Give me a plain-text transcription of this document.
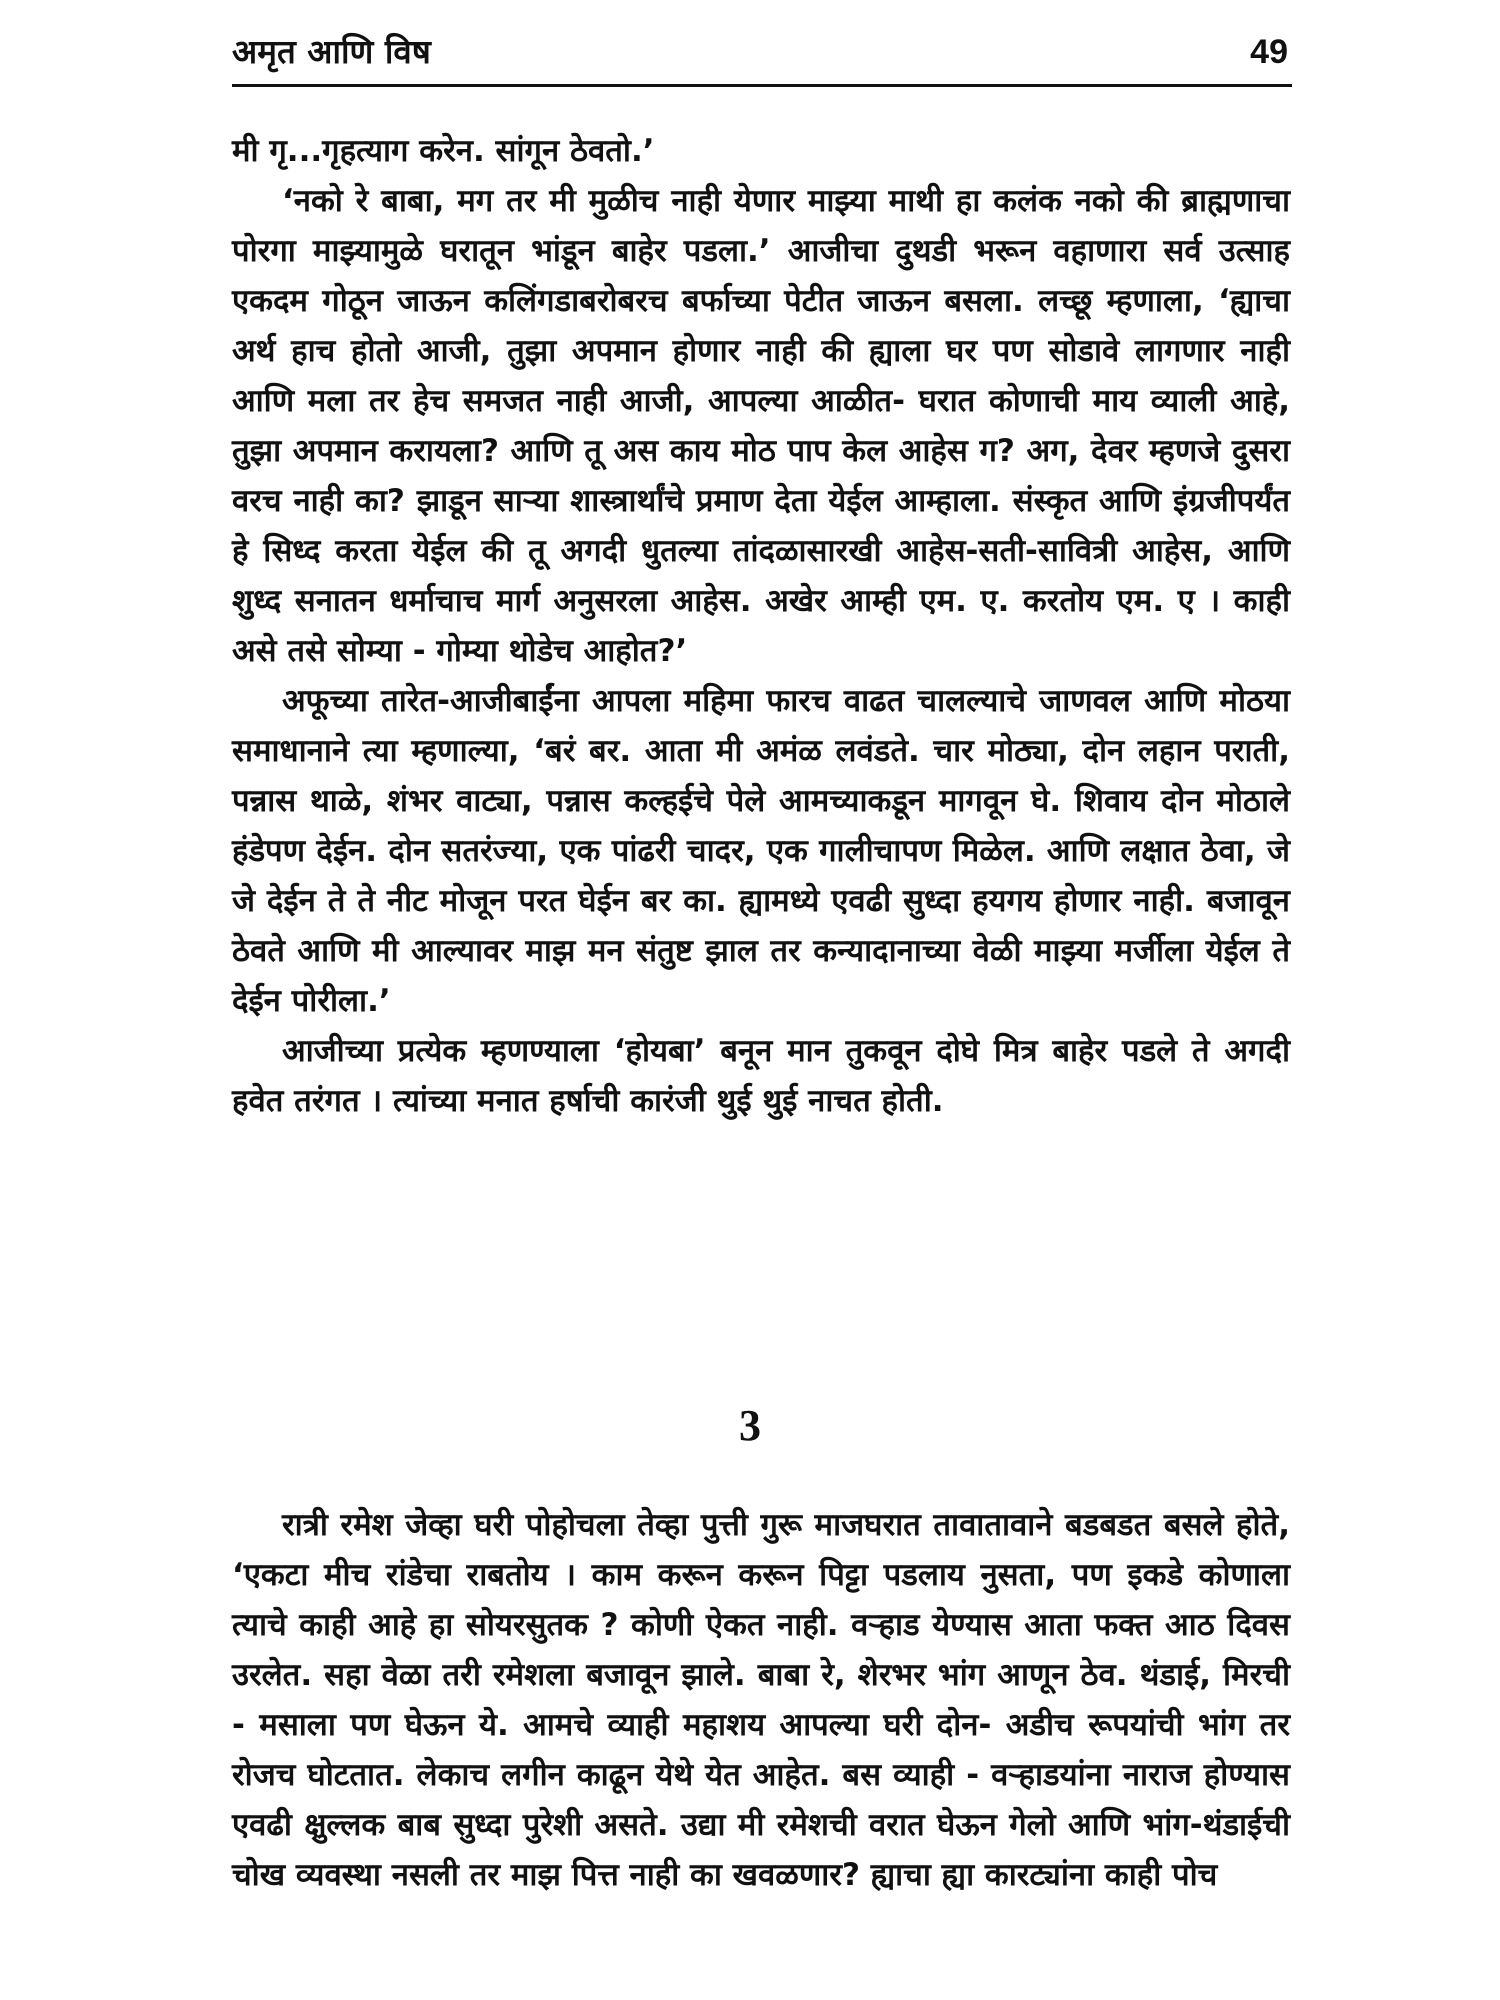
अमृत आणि विष	49

मी गृ...गृहत्याग करेन. सांगून ठेवतो.’

‘नको रे बाबा, मग तर मी मुळीच नाही येणार माझ्या माथी हा कलंक नको की ब्राह्मणाचा पोरगा माझ्यामुळे घरातून भांडून बाहेर पडला.’ आजीचा दुथडी भरून वहाणारा सर्व उत्साह एकदम गोठून जाऊन कलिंगडाबरोबरच बर्फाच्या पेटीत जाऊन बसला. लच्छू म्हणाला, ‘ह्याचा अर्थ हाच होतो आजी, तुझा अपमान होणार नाही की ह्याला घर पण सोडावे लागणार नाही आणि मला तर हेच समजत नाही आजी, आपल्या आळीत- घरात कोणाची माय व्याली आहे, तुझा अपमान करायला? आणि तू अस काय मोठ पाप केल आहेस ग? अग, देवर म्हणजे दुसरा वरच नाही का? झाडून साऱ्या शास्त्रार्थांचे प्रमाण देता येईल आम्हाला. संस्कृत आणि इंग्रजीपर्यंत हे सिध्द करता येईल की तू अगदी धुतल्या तांदळासारखी आहेस-सती-सावित्री आहेस, आणि शुध्द सनातन धर्माचाच मार्ग अनुसरला आहेस. अखेर आम्ही एम. ए. करतोय एम. ए । काही असे तसे सोम्या - गोम्या थोडेच आहोत?’

अफूच्या तारेत-आजीबाईंना आपला महिमा फारच वाढत चालल्याचे जाणवल आणि मोठया समाधानाने त्या म्हणाल्या, ‘बरं बर. आता मी अमंळ लवंडते. चार मोठ्या, दोन लहान पराती, पन्नास थाळे, शंभर वाट्या, पन्नास कल्हईचे पेले आमच्याकडून मागवून घे. शिवाय दोन मोठाले हंडेपण देईन. दोन सतरंज्या, एक पांढरी चादर, एक गालीचापण मिळेल. आणि लक्षात ठेवा, जे जे देईन ते ते नीट मोजून परत घेईन बर का. ह्यामध्ये एवढी सुध्दा हयगय होणार नाही. बजावून ठेवते आणि मी आल्यावर माझ मन संतुष्ट झाल तर कन्यादानाच्या वेळी माझ्या मर्जीला येईल ते देईन पोरीला.’

आजीच्या प्रत्येक म्हणण्याला ‘होयबा’ बनून मान तुकवून दोघे मित्र बाहेर पडले ते अगदी हवेत तरंगत । त्यांच्या मनात हर्षाची कारंजी थुई थुई नाचत होती.

3

रात्री रमेश जेव्हा घरी पोहोचला तेव्हा पुत्ती गुरू माजघरात तावातावाने बडबडत बसले होते, ‘एकटा मीच रांडेचा राबतोय । काम करून करून पिट्टा पडलाय नुसता, पण इकडे कोणाला त्याचे काही आहे हा सोयरसुतक ? कोणी ऐकत नाही. वऱ्हाड येण्यास आता फक्त आठ दिवस उरलेत. सहा वेळा तरी रमेशला बजावून झाले. बाबा रे, शेरभर भांग आणून ठेव. थंडाई, मिरची - मसाला पण घेऊन ये. आमचे व्याही महाशय आपल्या घरी दोन- अडीच रूपयांची भांग तर रोजच घोटतात. लेकाच लगीन काढून येथे येत आहेत. बस व्याही - वऱ्हाडयांना नाराज होण्यास एवढी क्षुल्लक बाब सुध्दा पुरेशी असते. उद्या मी रमेशची वरात घेऊन गेलो आणि भांग-थंडाईची चोख व्यवस्था नसली तर माझ पित्त नाही का खवळणार? ह्याचा ह्या कारट्यांना काही पोच
